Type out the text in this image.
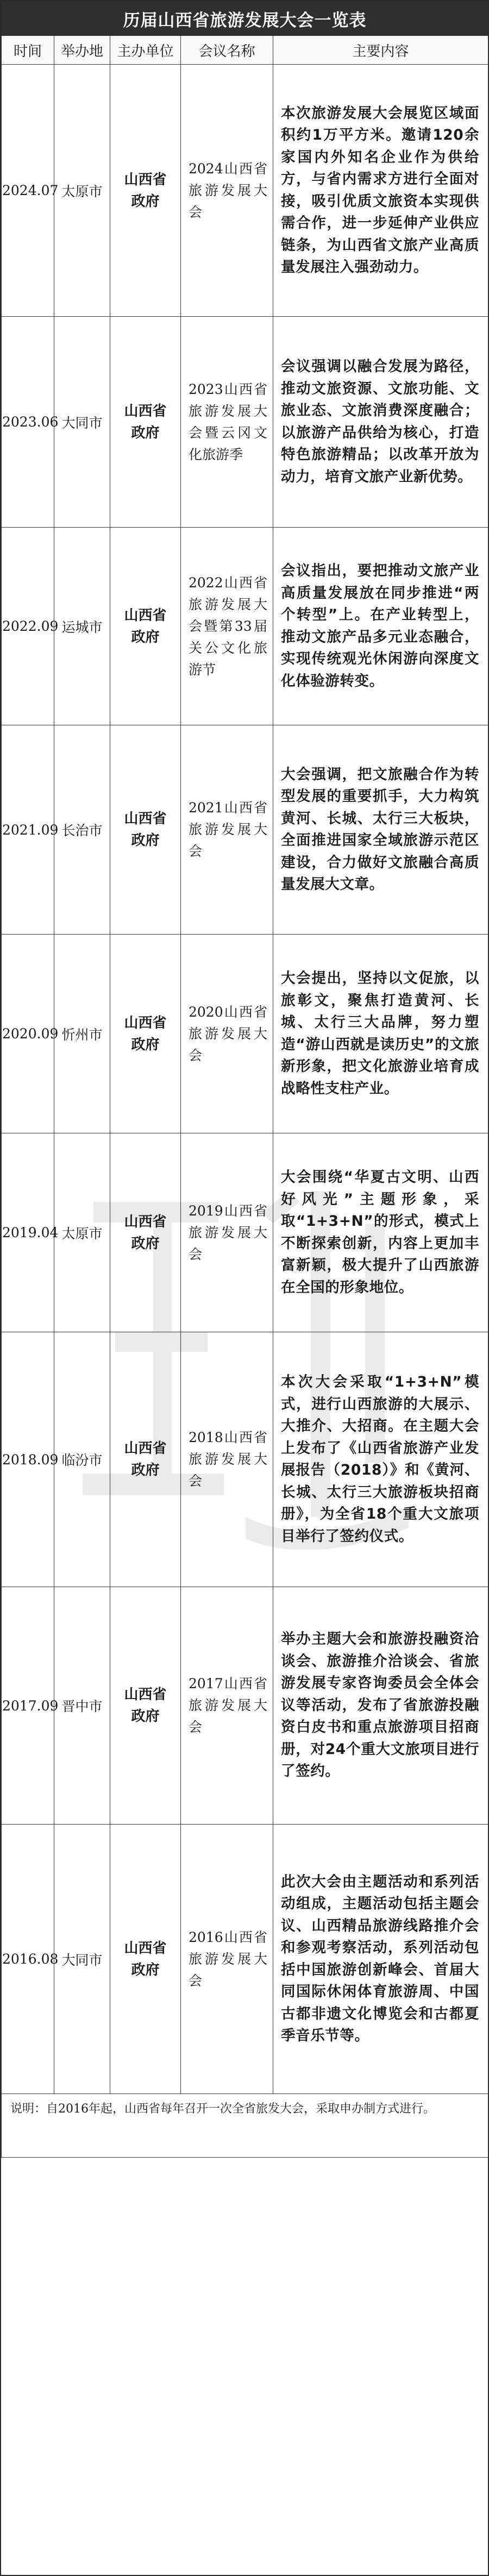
历届山西省旅游发展大会一览表				
时间	举办地	主办单位	会议名称	主要内容
2024.07	太原市	山西省政府	2024山西省旅游发展大会	本次旅游发展大会展览区域面积约1万平方米。邀请120余家国内外知名企业作为供给方，与省内需求方进行全面对接，吸引优质文旅资本实现供需合作，进一步延伸产业供应链条，为山西省文旅产业高质量发展注入强劲动力。
2023.06	大同市	山西省政府	2023山西省旅游发展大会暨云冈文化旅游季	会议强调以融合发展为路径，推动文旅资源、文旅功能、文旅业态、文旅消费深度融合；以旅游产品供给为核心，打造特色旅游精品；以改革开放为动力，培育文旅产业新优势。
2022.09	运城市	山西省政府	2022山西省旅游发展大会暨第33届关公文化旅游节	会议指出，要把推动文旅产业高质量发展放在同步推进“两个转型”上。在产业转型上，推动文旅产品多元业态融合，实现传统观光休闲游向深度文化体验游转变。
2021.09	长治市	山西省政府	2021山西省旅游发展大会	大会强调，把文旅融合作为转型发展的重要抓手，大力构筑黄河、长城、太行三大板块，全面推进国家全域旅游示范区建设，合力做好文旅融合高质量发展大文章。
2020.09	忻州市	山西省政府	2020山西省旅游发展大会	大会提出，坚持以文促旅，以旅彰文，聚焦打造黄河、长城、太行三大品牌，努力塑造“游山西就是读历史”的文旅新形象，把文化旅游业培育成战略性支柱产业。
2019.04	太原市	山西省政府	2019山西省旅游发展大会	大会围绕“华夏古文明、山西好风光”主题形象，采取“1+3+N”的形式，模式上不断探索创新，内容上更加丰富新颖，极大提升了山西旅游在全国的形象地位。
2018.09	临汾市	山西省政府	2018山西省旅游发展大会	本次大会采取“1+3+N”模式，进行山西旅游的大展示、大推介、大招商。在主题大会上发布了《山西省旅游产业发展报告（2018）》和《黄河、长城、太行三大旅游板块招商册》，为全省18个重大文旅项目举行了签约仪式。
2017.09	晋中市	山西省政府	2017山西省旅游发展大会	举办主题大会和旅游投融资洽谈会、旅游推介洽谈会、省旅游发展专家咨询委员会全体会议等活动，发布了省旅游投融资白皮书和重点旅游项目招商册，对24个重大文旅项目进行了签约。
2016.08	大同市	山西省政府	2016山西省旅游发展大会	此次大会由主题活动和系列活动组成，主题活动包括主题会议、山西精品旅游线路推介会和参观考察活动，系列活动包括中国旅游创新峰会、首届大同国际休闲体育旅游周、中国古都非遗文化博览会和古都夏季音乐节等。
说明：自2016年起，山西省每年召开一次全省旅发大会，采取申办制方式进行。				
